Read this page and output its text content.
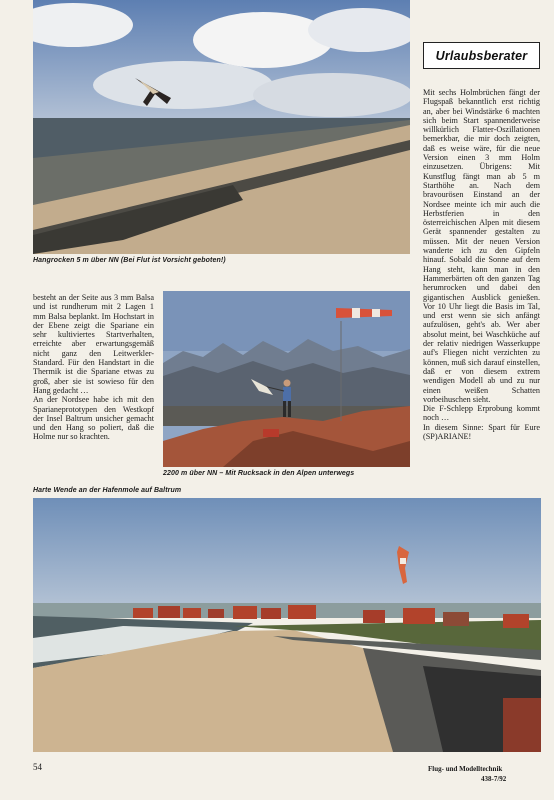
Hangrocken 5 m über NN (Bei Flut ist Vorsicht geboten!)
Urlaubsberater

Mit sechs Holmbrüchen fängt der Flugspaß bekanntlich erst richtig an, aber bei Windstärke 6 machten sich beim Start spannenderweise willkürlich Flatter-Oszillationen bemerkbar, die mir doch zeigten, daß es weise wäre, für die neue Version einen 3 mm Holm einzusetzen. Übrigens: Mit Kunstflug fängt man ab 5 m Starthöhe an. Nach dem bravourösen Einstand an der Nordsee meinte ich mir auch die Herbstferien in den österreichischen Alpen mit diesem Gerät spannender gestalten zu müssen. Mit der neuen Version wanderte ich zu den Gipfeln hinauf. Sobald die Sonne auf dem Hang steht, kann man in den Hammerbärten oft den ganzen Tag herumrocken und dabei den gigantischen Ausblick genießen. Vor 10 Uhr liegt die Basis im Tal, und erst wenn sie sich anfängt aufzulösen, geht's ab. Wer aber absolut meint, bei Waschküche auf der relativ niedrigen Wasserkuppe auf's Fliegen nicht verzichten zu können, muß sich darauf einstellen, daß er von diesem extrem wendigen Modell ab und zu nur einen weißen Schatten vorbeihuschen sieht.

Die F-Schlepp Erprobung kommt noch …

In diesem Sinne: Spart für Eure (SP)ARIANE!

besteht an der Seite aus 3 mm Balsa und ist rundherum mit 2 Lagen 1 mm Balsa beplankt. Im Hochstart in der Ebene zeigt die Spariane ein sehr kultiviertes Startverhalten, erreichte aber erwartungsgemäß nicht ganz den Leitwerkler-Standard. Für den Handstart in die Thermik ist die Spariane etwas zu groß, aber sie ist sowieso für den Hang gedacht …

An der Nordsee habe ich mit den Sparianeprototypen den Westkopf der Insel Baltrum unsicher gemacht und den Hang so poliert, daß die Holme nur so krachten.

2200 m über NN – Mit Rucksack in den Alpen unterwegs
Harte Wende an der Hafenmole auf Baltrum
54	Flug- und Modelltechnik
438-7/92
